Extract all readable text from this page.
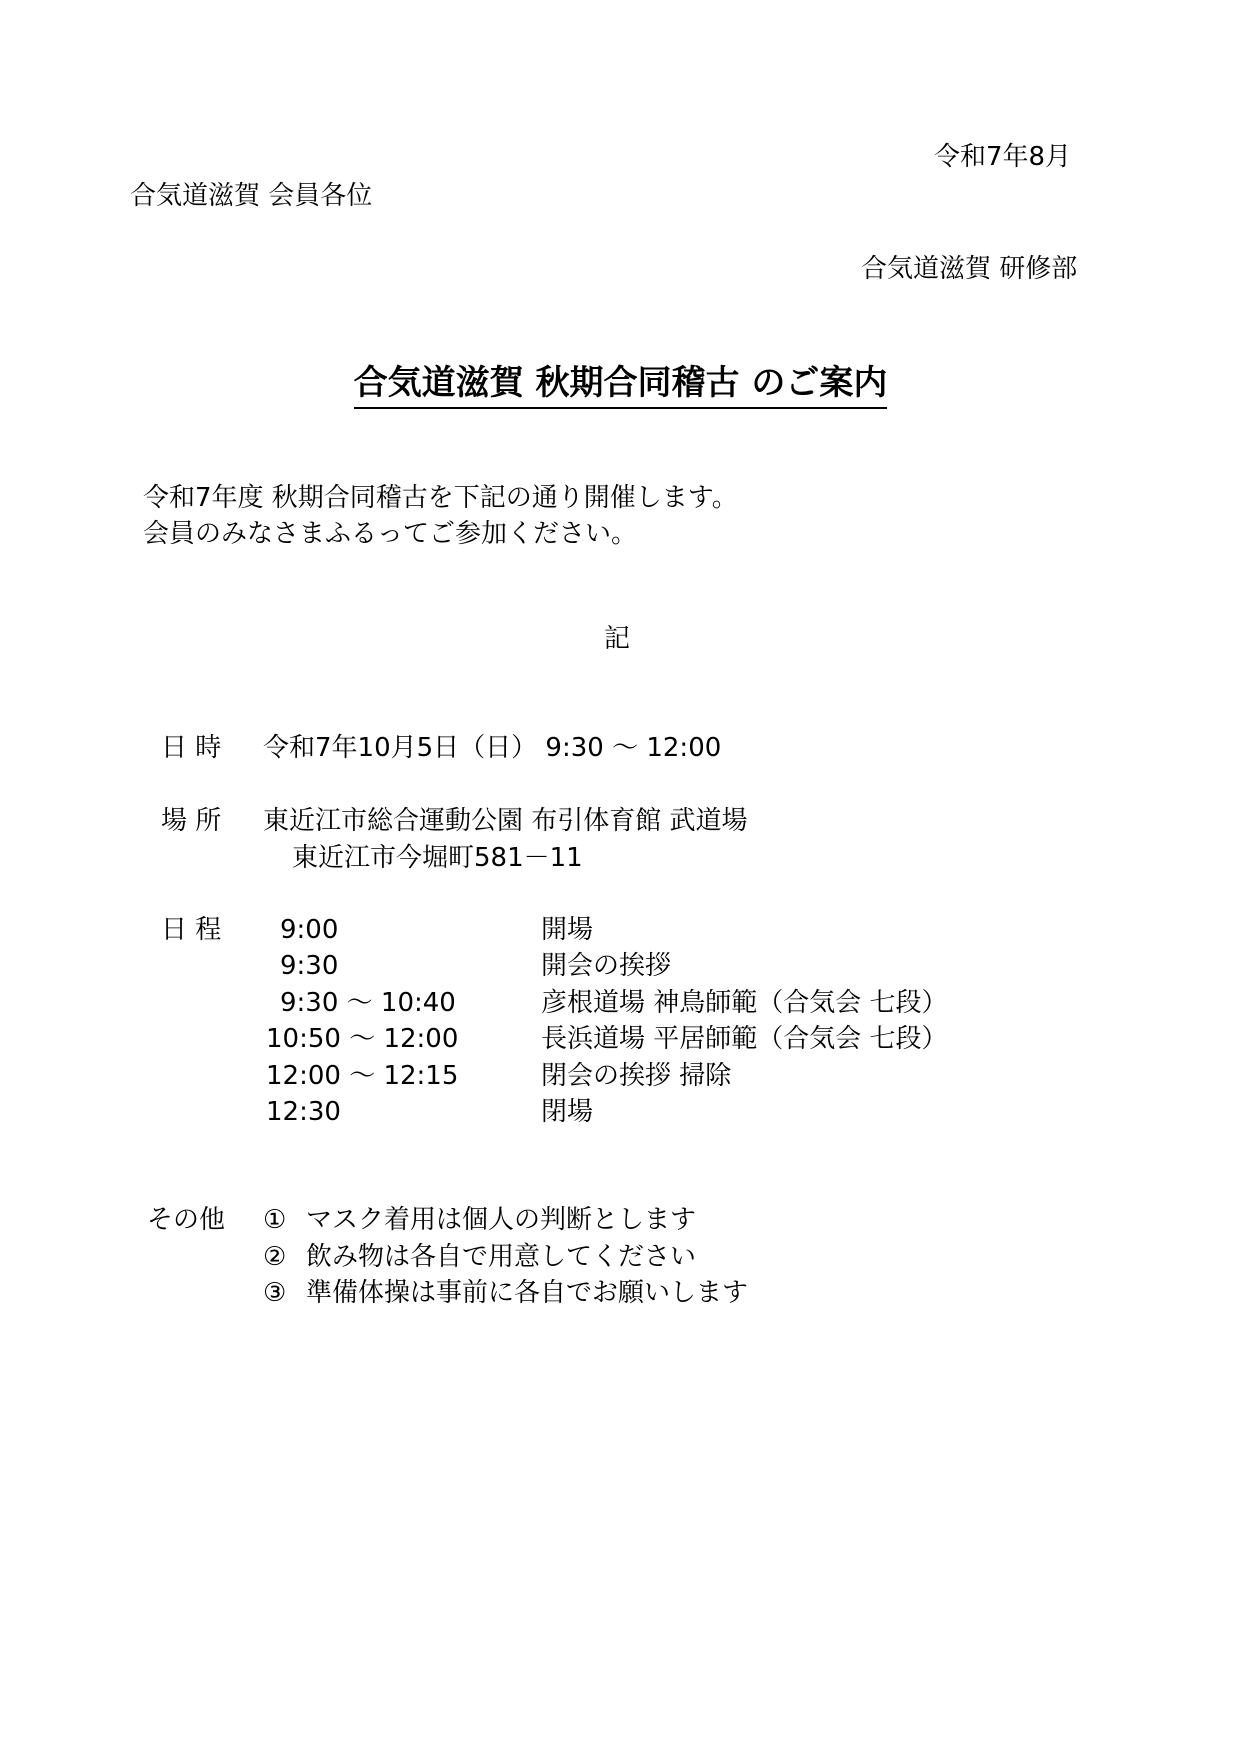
令和7年8月
合気道滋賀 会員各位
合気道滋賀 研修部
合気道滋賀 秋期合同稽古 のご案内
令和7年度 秋期合同稽古を下記の通り開催します。
会員のみなさまふるってご参加ください。
記
日 時 令和7年10月5日（日） 9:30 ～ 12:00
場 所 東近江市総合運動公園 布引体育館 武道場
東近江市今堀町581－11
日 程 9:00	開場
9:30	開会の挨拶
9:30 ～ 10:40	彦根道場 神鳥師範（合気会 七段）
10:50 ～ 12:00	長浜道場 平居師範（合気会 七段）
12:00 ～ 12:15	閉会の挨拶 掃除
12:30	閉場
その他 ① マスク着用は個人の判断とします
② 飲み物は各自で用意してください
③ 準備体操は事前に各自でお願いします
